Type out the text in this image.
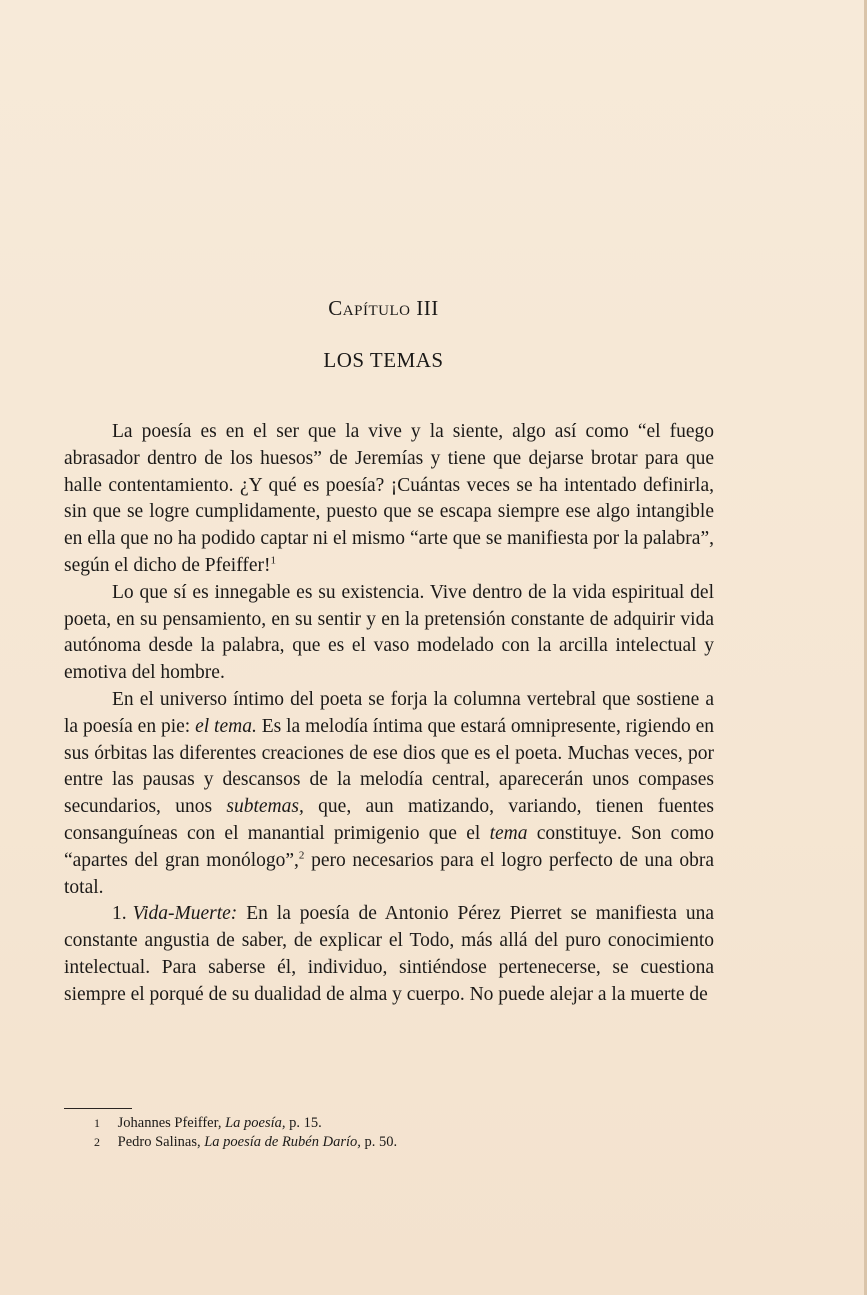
Capítulo III
LOS TEMAS

La poesía es en el ser que la vive y la siente, algo así como “el fuego abrasador dentro de los huesos” de Jeremías y tiene que dejarse brotar para que halle contentamiento. ¿Y qué es poesía? ¡Cuántas veces se ha intentado definirla, sin que se logre cumplidamente, puesto que se escapa siempre ese algo intangible en ella que no ha podido captar ni el mismo “arte que se manifiesta por la palabra”, según el dicho de Pfeiffer!$^1$

Lo que sí es innegable es su existencia. Vive dentro de la vida espiritual del poeta, en su pensamiento, en su sentir y en la pretensión constante de adquirir vida autónoma desde la palabra, que es el vaso modelado con la arcilla intelectual y emotiva del hombre.

En el universo íntimo del poeta se forja la columna vertebral que sostiene a la poesía en pie: el tema. Es la melodía íntima que estará omnipresente, rigiendo en sus órbitas las diferentes creaciones de ese dios que es el poeta. Muchas veces, por entre las pausas y descansos de la melodía central, aparecerán unos compases secundarios, unos subtemas, que, aun matizando, variando, tienen fuentes consanguíneas con el manantial primigenio que el tema constituye. Son como “apartes del gran monólogo”,$^2$ pero necesarios para el logro perfecto de una obra total.

1. Vida-Muerte: En la poesía de Antonio Pérez Pierret se manifiesta una constante angustia de saber, de explicar el Todo, más allá del puro conocimiento intelectual. Para saberse él, individuo, sintiéndose pertenecerse, se cuestiona siempre el porqué de su dualidad de alma y cuerpo. No puede alejar a la muerte de

1 Johannes Pfeiffer, La poesía, p. 15.
2 Pedro Salinas, La poesía de Rubén Darío, p. 50.
